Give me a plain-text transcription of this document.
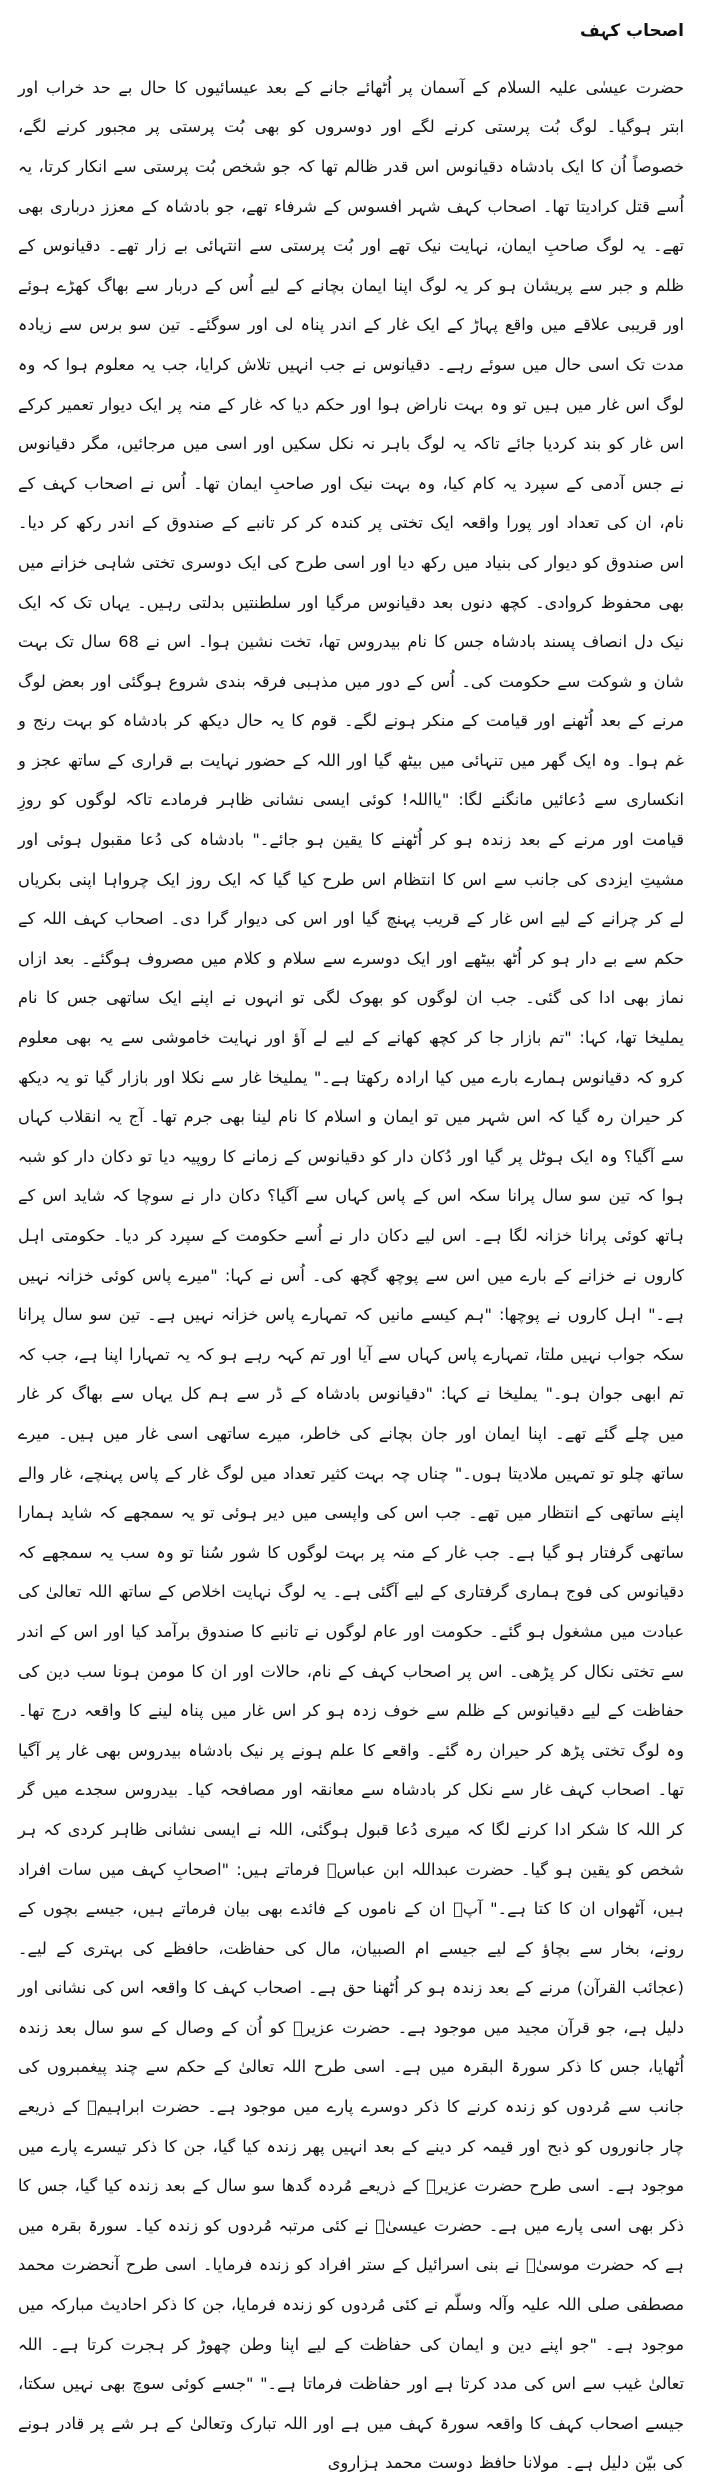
اصحاب کہف

حضرت عیسٰی علیہ السلام کے آسمان پر اُٹھائے جانے کے بعد عیسائیوں کا حال بے حد خراب اور ابتر ہوگیا۔ لوگ بُت پرستی کرنے لگے اور دوسروں کو بھی بُت پرستی پر مجبور کرنے لگے، خصوصاً اُن کا ایک بادشاہ دقیانوس اس قدر ظالم تھا کہ جو شخص بُت پرستی سے انکار کرتا، یہ اُسے قتل کرادیتا تھا۔ اصحاب کہف شہر افسوس کے شرفاء تھے، جو بادشاہ کے معزز درباری بھی تھے۔ یہ لوگ صاحبِ ایمان، نہایت نیک تھے اور بُت پرستی سے انتہائی بے زار تھے۔ دقیانوس کے ظلم و جبر سے پریشان ہو کر یہ لوگ اپنا ایمان بچانے کے لیے اُس کے دربار سے بھاگ کھڑے ہوئے اور قریبی علاقے میں واقع پہاڑ کے ایک غار کے اندر پناہ لی اور سوگئے۔ تین سو برس سے زیادہ مدت تک اسی حال میں سوئے رہے۔ دقیانوس نے جب انہیں تلاش کرایا، جب یہ معلوم ہوا کہ وہ لوگ اس غار میں ہیں تو وہ بہت ناراض ہوا اور حکم دیا کہ غار کے منہ پر ایک دیوار تعمیر کرکے اس غار کو بند کردیا جائے تاکہ یہ لوگ باہر نہ نکل سکیں اور اسی میں مرجائیں، مگر دقیانوس نے جس آدمی کے سپرد یہ کام کیا، وہ بہت نیک اور صاحبِ ایمان تھا۔ اُس نے اصحاب کہف کے نام، ان کی تعداد اور پورا واقعہ ایک تختی پر کندہ کر کر تانبے کے صندوق کے اندر رکھ کر دیا۔ اس صندوق کو دیوار کی بنیاد میں رکھ دیا اور اسی طرح کی ایک دوسری تختی شاہی خزانے میں بھی محفوظ کروادی۔ کچھ دنوں بعد دقیانوس مرگیا اور سلطنتیں بدلتی رہیں۔ یہاں تک کہ ایک نیک دل انصاف پسند بادشاہ جس کا نام بیدروس تھا، تخت نشین ہوا۔ اس نے 68 سال تک بہت شان و شوکت سے حکومت کی۔ اُس کے دور میں مذہبی فرقہ بندی شروع ہوگئی اور بعض لوگ مرنے کے بعد اُٹھنے اور قیامت کے منکر ہونے لگے۔ قوم کا یہ حال دیکھ کر بادشاہ کو بہت رنج و غم ہوا۔ وہ ایک گھر میں تنہائی میں بیٹھ گیا اور اللہ کے حضور نہایت بے قراری کے ساتھ عجز و انکساری سے دُعائیں مانگنے لگا: "یااللہ! کوئی ایسی نشانی ظاہر فرمادے تاکہ لوگوں کو روزِ قیامت اور مرنے کے بعد زندہ ہو کر اُٹھنے کا یقین ہو جائے۔" بادشاہ کی دُعا مقبول ہوئی اور مشیتِ ایزدی کی جانب سے اس کا انتظام اس طرح کیا گیا کہ ایک روز ایک چرواہا اپنی بکریاں لے کر چرانے کے لیے اس غار کے قریب پہنچ گیا اور اس کی دیوار گرا دی۔ اصحاب کہف اللہ کے حکم سے بے دار ہو کر اُٹھ بیٹھے اور ایک دوسرے سے سلام و کلام میں مصروف ہوگئے۔ بعد ازاں نماز بھی ادا کی گئی۔ جب ان لوگوں کو بھوک لگی تو انہوں نے اپنے ایک ساتھی جس کا نام یملیخا تھا، کہا: "تم بازار جا کر کچھ کھانے کے لیے لے آؤ اور نہایت خاموشی سے یہ بھی معلوم کرو کہ دقیانوس ہمارے بارے میں کیا ارادہ رکھتا ہے۔" یملیخا غار سے نکلا اور بازار گیا تو یہ دیکھ کر حیران رہ گیا کہ اس شہر میں تو ایمان و اسلام کا نام لینا بھی جرم تھا۔ آج یہ انقلاب کہاں سے آگیا؟ وہ ایک ہوٹل پر گیا اور دُکان دار کو دقیانوس کے زمانے کا روپیہ دیا تو دکان دار کو شبہ ہوا کہ تین سو سال پرانا سکہ اس کے پاس کہاں سے آگیا؟ دکان دار نے سوچا کہ شاید اس کے ہاتھ کوئی پرانا خزانہ لگا ہے۔ اس لیے دکان دار نے اُسے حکومت کے سپرد کر دیا۔ حکومتی اہل کاروں نے خزانے کے بارے میں اس سے پوچھ گچھ کی۔ اُس نے کہا: "میرے پاس کوئی خزانہ نہیں ہے۔" اہل کاروں نے پوچھا: "ہم کیسے مانیں کہ تمہارے پاس خزانہ نہیں ہے۔ تین سو سال پرانا سکہ جواب نہیں ملتا، تمہارے پاس کہاں سے آیا اور تم کہہ رہے ہو کہ یہ تمہارا اپنا ہے، جب کہ تم ابھی جوان ہو۔" یملیخا نے کہا: "دقیانوس بادشاہ کے ڈر سے ہم کل یہاں سے بھاگ کر غار میں چلے گئے تھے۔ اپنا ایمان اور جان بچانے کی خاطر، میرے ساتھی اسی غار میں ہیں۔ میرے ساتھ چلو تو تمہیں ملادیتا ہوں۔" چناں چہ بہت کثیر تعداد میں لوگ غار کے پاس پہنچے، غار والے اپنے ساتھی کے انتظار میں تھے۔ جب اس کی واپسی میں دیر ہوئی تو یہ سمجھے کہ شاید ہمارا ساتھی گرفتار ہو گیا ہے۔ جب غار کے منہ پر بہت لوگوں کا شور سُنا تو وہ سب یہ سمجھے کہ دقیانوس کی فوج ہماری گرفتاری کے لیے آگئی ہے۔ یہ لوگ نہایت اخلاص کے ساتھ اللہ تعالیٰ کی عبادت میں مشغول ہو گئے۔ حکومت اور عام لوگوں نے تانبے کا صندوق برآمد کیا اور اس کے اندر سے تختی نکال کر پڑھی۔ اس پر اصحاب کہف کے نام، حالات اور ان کا مومن ہونا سب دین کی حفاظت کے لیے دقیانوس کے ظلم سے خوف زدہ ہو کر اس غار میں پناہ لینے کا واقعہ درج تھا۔ وہ لوگ تختی پڑھ کر حیران رہ گئے۔ واقعے کا علم ہونے پر نیک بادشاہ بیدروس بھی غار پر آگیا تھا۔ اصحاب کہف غار سے نکل کر بادشاہ سے معانقہ اور مصافحہ کیا۔ بیدروس سجدے میں گر کر اللہ کا شکر ادا کرنے لگا کہ میری دُعا قبول ہوگئی، اللہ نے ایسی نشانی ظاہر کردی کہ ہر شخص کو یقین ہو گیا۔ حضرت عبداللہ ابن عباسؓ فرماتے ہیں: "اصحابِ کہف میں سات افراد ہیں، آٹھواں ان کا کتا ہے۔" آپؓ ان کے ناموں کے فائدے بھی بیان فرماتے ہیں، جیسے بچوں کے رونے، بخار سے بچاؤ کے لیے جیسے ام الصبیان، مال کی حفاظت، حافظے کی بہتری کے لیے۔ (عجائب القرآن) مرنے کے بعد زندہ ہو کر اُٹھنا حق ہے۔ اصحاب کہف کا واقعہ اس کی نشانی اور دلیل ہے، جو قرآن مجید میں موجود ہے۔ حضرت عزیرؑ کو اُن کے وصال کے سو سال بعد زندہ اُٹھایا، جس کا ذکر سورۃ البقرہ میں ہے۔ اسی طرح اللہ تعالیٰ کے حکم سے چند پیغمبروں کی جانب سے مُردوں کو زندہ کرنے کا ذکر دوسرے پارے میں موجود ہے۔ حضرت ابراہیمؑ کے ذریعے چار جانوروں کو ذبح اور قیمہ کر دینے کے بعد انہیں پھر زندہ کیا گیا، جن کا ذکر تیسرے پارے میں موجود ہے۔ اسی طرح حضرت عزیرؑ کے ذریعے مُردہ گدھا سو سال کے بعد زندہ کیا گیا، جس کا ذکر بھی اسی پارے میں ہے۔ حضرت عیسیٰؑ نے کئی مرتبہ مُردوں کو زندہ کیا۔ سورۃ بقرہ میں ہے کہ حضرت موسیٰؑ نے بنی اسرائیل کے ستر افراد کو زندہ فرمایا۔ اسی طرح آنحضرت محمد مصطفی صلی اللہ علیہ وآلہ وسلّم نے کئی مُردوں کو زندہ فرمایا، جن کا ذکر احادیث مبارکہ میں موجود ہے۔ "جو اپنے دین و ایمان کی حفاظت کے لیے اپنا وطن چھوڑ کر ہجرت کرتا ہے۔ اللہ تعالیٰ غیب سے اس کی مدد کرتا ہے اور حفاظت فرماتا ہے۔" "جسے کوئی سوچ بھی نہیں سکتا، جیسے اصحاب کہف کا واقعہ سورۃ کہف میں ہے اور اللہ تبارک وتعالیٰ کے ہر شے پر قادر ہونے کی بیّن دلیل ہے۔ مولانا حافظ دوست محمد ہزاروی
